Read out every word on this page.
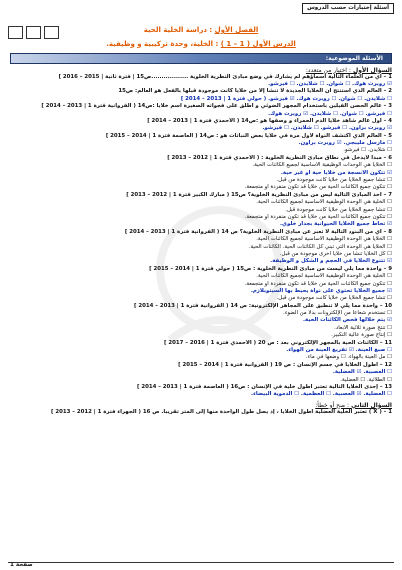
أسئلة إختبارات حسب الدروس
الفصل الأول : دراسة الخلية الحية
الدرس الأول ( 1 – 1 ) : الخلية، وحدة تركيبية و وظيفية.
الأسئلة الموضوعية:
السؤال الأول : اختيار من متعدد:
1 – أي من العلماء التالية أسماؤهم لم يشارك في وضع مبادئ النظرية الخلوية ..................ص15 | فترة ثانية | 2015 – 2016 ]
☑ روبرت هوك. ☐ شوان. ☐ شلايدن. ☐ فيرشو.
2 – العالم الذي استنتج أن الخلايا الجديدة لا تنشأ إلا من خلايا كانت موجودة قبلها بالفعل هو العالم: ص15
☐ شلايدن. ☐ شوان. ☐ روبرت هوك. ☑ فيرشو. ( حولي فترة 1 | 2013 – 2014 ]
3 – عالم الحصن الفيلين باستخدام المجهر الضوئي و أطلق على فجواته الصغيرة اسم خلايا :ص14 ( الفروانية فترة 1 | 2013 – 2014 ]
☐ فيرشو. ☐ شوان. ☐ شلايدن. ☑ روبرت هوك.
4 – أول عالم شاهد خلايا الدم الحمراء و وصفها هو :ص14 ( الأحمدي فترة 1 | 2013 – 2014 ]
☑ روبرت براون. ☐ فيرشو. ☐ شلايدن. ☐ فيرشو.
5 – العالم الذي اكتشف النواة لأول مرة في خلايا بعض النباتات هو : ص14 ( العاصمة فترة 1 | 2014 – 2015 ]
☐ مارسل مليبجي. ☑ روبرت براون.
☐ شلايدن. ☐ فيرشو.
6 – مبدأ لايدخل في نطاق مبادئ النظرية الخلوية : ( الأحمدي فترة 1 | 2012 – 2013 ]
☐ الخلايا هي الوحدات الوظيفية الأساسية لجميع الكائنات الحية.
☑ تتكون الأنسجة من خلايا حية أو غير حية.
☐ تنشأ جميع الخلايا من خلايا كانت موجودة من قبل.
☐ تتكون جميع الكائنات الحية من خلايا قد تكون منفردة أو متجمعة.
7 – أحد المبادئ التالية ليس من مبادئ النظرية الخلوية؟ ص15 ( مبارك الكبير فترة 1 | 2012 – 2013 ]
☐ الخلية هي الوحدة الوظيفية الأساسية لجميع الكائنات الحية.
☐ تنشأ جميع الخلايا من خلايا كانت موجودة قبل.
☐ تتكون جميع الكائنات الحية من خلايا قد تكون منفردة أو متجمعة.
☑ تحاط جميع الخلايا الحيوانية بجدار خلوي.
8 – أي من البنود التالية لا تعبر عن مبادئ النظرية الخلوية؟ ص 14 ( الفروانية فترة 1 | 2013 – 2014 ]
☐ الخلايا هي الوحدة الوظيفية الأساسية لجميع الكائنات الحية.
☐ الخلايا هي الوحدة التي تبني كل الكائنات الحية. الكائنات الحية.
☐ كل الخلايا تنشأ من خلايا أخرى موجودة من قبل.
☑ تتنوع الخلايا في الحجم و الشكل و الوظيفة.
9 – واحدة مما يلي ليست من مبادئ النظرية الخلوية : ص15 ( حولي فترة 1 | 2014 – 2015 ]
☐ الخلية هي الوحدة الوظيفية الأساسية لجميع الكائنات الحية.
☐ تتكون جميع الكائنات الحية من خلايا قد تكون منفردة أو متجمعة.
☑ جميع الخلايا تحتوي على نواة يحيط بها السيتوبلازم.
☐ تنشأ جميع الخلايا من خلايا كانت موجودة من قبل.
10 – واحدة مما يلي لا تنطبق على المجاهر الإلكترونية: ص 14 ( الفروانية فترة 1 | 2013 – 2014 ]
☐ تستخدم شعاعاً من الإلكترونات بدلاً من الضوء.
☑ يتم خلالها فحص الكائنات الحية.
☐ تنتج صورة ثلاثية الأبعاد.
☐ إنتاج صورة عالية التكبير.
11 – الكائنات الحية بالمجهر الإلكتروني بعد : ص 20 ( الأحمدي فترة 1 | 2016 – 2017 ]
☐ صبغ العينة. ☑ تفريغ العينة من الهواء.
☐ مل العينة بالهواء. ☐ وضعها في ماء.
12 – أطول الخلايا في جسم الإنسان : ص 19 ( الفروانية فترة 1 | 2014 – 2015 ]
☐ العصبية. ☑ العضلية.
☐ الطلائية. ☐ العضلية.
13 – إحدى الخلايا التالية تعتبر أطول خلية في الإنسان : ص16 ( العاصمة فترة 1 | 2013 – 2014 ]
☐ العضلية. ☑ العصبية. ☐ العظمية. ☐ الدموية البيضاء.
السؤال الثاني : صح أو خطأ:
1 – ( X ) تعتبر الخلية العضلية أطول الخلايا ، إذ يصل طول الواحدة منها إلى المتر تقريباً. ص 16 ( الجهراء فترة 1 | 2012 – 2013 ]
صفحة 1
